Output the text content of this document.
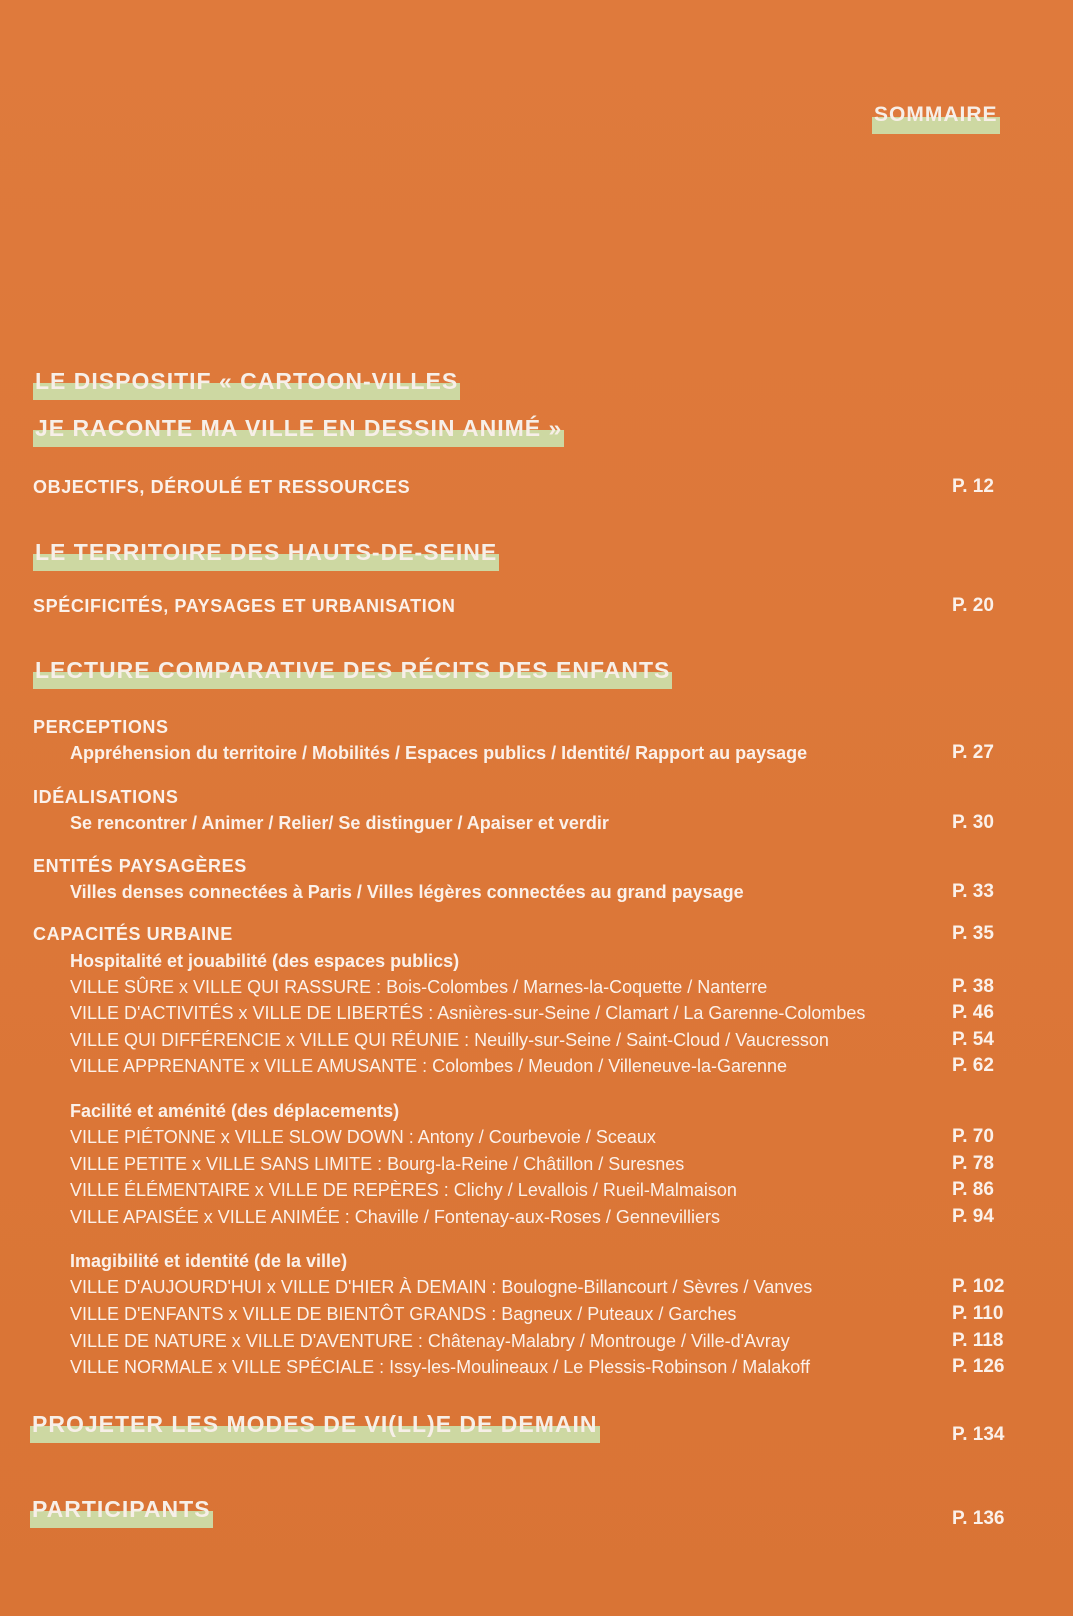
SOMMAIRE
LE DISPOSITIF « CARTOON-VILLES
JE RACONTE MA VILLE EN DESSIN ANIMÉ »
OBJECTIFS, DÉROULÉ ET RESSOURCES	P. 12
LE TERRITOIRE DES HAUTS-DE-SEINE
SPÉCIFICITÉS, PAYSAGES ET URBANISATION	P. 20
LECTURE COMPARATIVE DES RÉCITS DES ENFANTS
PERCEPTIONS
Appréhension du territoire / Mobilités / Espaces publics / Identité/ Rapport au paysage	P. 27
IDÉALISATIONS
Se rencontrer / Animer / Relier/ Se distinguer / Apaiser et verdir	P. 30
ENTITÉS PAYSAGÈRES
Villes denses connectées à Paris / Villes légères connectées au grand paysage	P. 33
CAPACITÉS URBAINE	P. 35
Hospitalité et jouabilité (des espaces publics)
VILLE SÛRE x VILLE QUI RASSURE : Bois-Colombes / Marnes-la-Coquette / Nanterre	P. 38
VILLE D'ACTIVITÉS x VILLE DE LIBERTÉS : Asnières-sur-Seine / Clamart / La Garenne-Colombes	P. 46
VILLE QUI DIFFÉRENCIE x VILLE QUI RÉUNIE : Neuilly-sur-Seine / Saint-Cloud / Vaucresson	P. 54
VILLE APPRENANTE x VILLE AMUSANTE : Colombes / Meudon / Villeneuve-la-Garenne	P. 62
Facilité et aménité (des déplacements)
VILLE PIÉTONNE x VILLE SLOW DOWN : Antony / Courbevoie / Sceaux	P. 70
VILLE PETITE x VILLE SANS LIMITE : Bourg-la-Reine / Châtillon / Suresnes	P. 78
VILLE ÉLÉMENTAIRE x VILLE DE REPÈRES : Clichy / Levallois / Rueil-Malmaison	P. 86
VILLE APAISÉE x VILLE ANIMÉE : Chaville / Fontenay-aux-Roses / Gennevilliers	P. 94
Imagibilité et identité (de la ville)
VILLE D'AUJOURD'HUI x VILLE D'HIER À DEMAIN : Boulogne-Billancourt / Sèvres / Vanves	P. 102
VILLE D'ENFANTS x VILLE DE BIENTÔT GRANDS : Bagneux / Puteaux / Garches	P. 110
VILLE DE NATURE x VILLE D'AVENTURE : Châtenay-Malabry / Montrouge / Ville-d'Avray	P. 118
VILLE NORMALE x VILLE SPÉCIALE : Issy-les-Moulineaux / Le Plessis-Robinson / Malakoff	P. 126
PROJETER LES MODES DE VI(LL)E DE DEMAIN	P. 134
PARTICIPANTS	P. 136
